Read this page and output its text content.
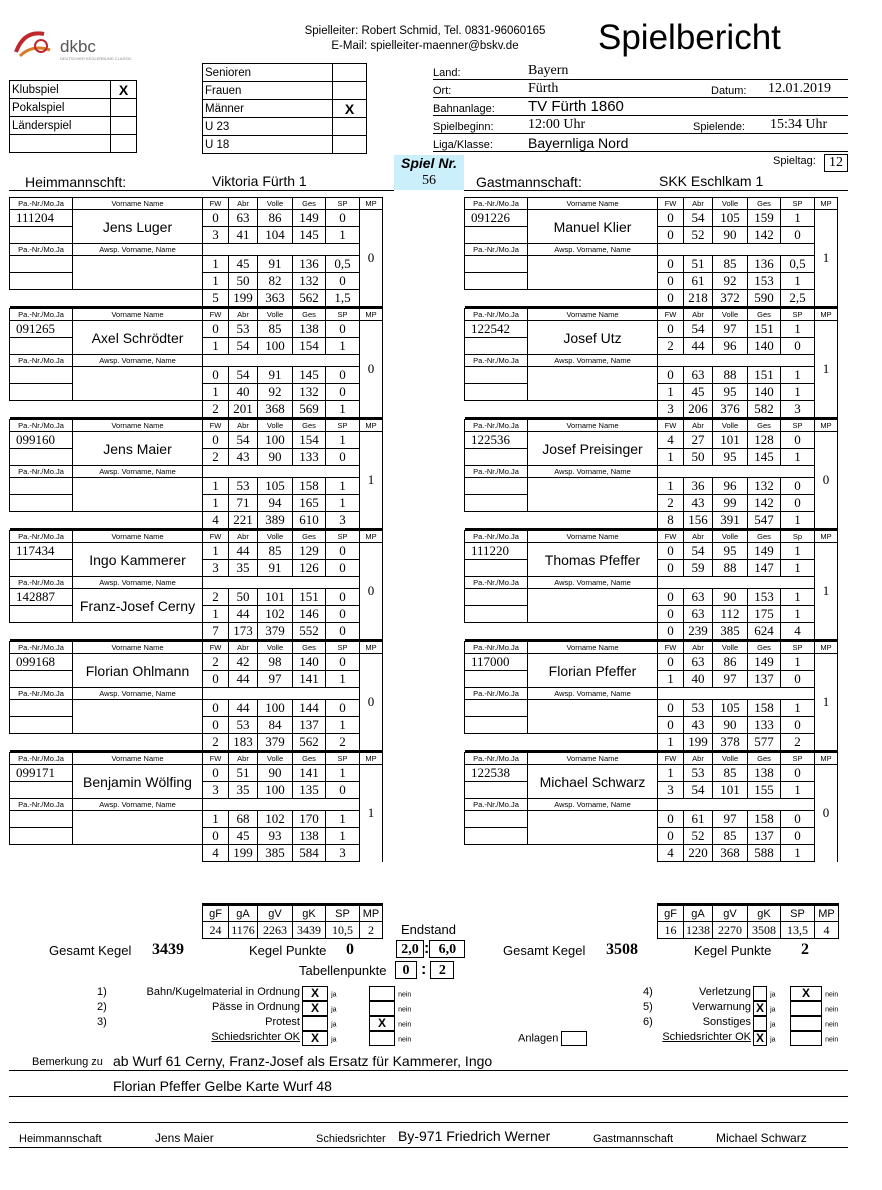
dkbc
DEUTSCHER KEGLERBUND CLASSIC
Spielleiter: Robert Schmid, Tel. 0831-96060165
E-Mail: spielleiter-maenner@bskv.de	Spielbericht
Klubspiel	X
Pokalspiel	
Länderspiel	

Senioren	
Frauen	
Männer	X
U 23	
U 18	
Land:	Bayern
Ort:	Fürth	Datum:	12.01.2019
Bahnanlage:	TV Fürth 1860
Spielbeginn:	12:00 Uhr	Spielende:	15:34 Uhr
Liga/Klasse:	Bayernliga Nord
Spiel Nr.
56
Spieltag: 12
Heimmannschft:	Viktoria Fürth 1	Gastmannschaft:	SKK Eschlkam 1
Pa.-Nr./Mo.Ja	Vorname Name	FW	Abr	Volle	Ges	SP	MP
111204	Jens Luger	0	63	86	149	0	0
		3	41	104	145	1	
Pa.-Nr./Mo.Ja	Awsp. Vorname, Name						
		1	45	91	136	0,5	
		1	50	82	132	0	
		5	199	363	562	1,5	
Pa.-Nr./Mo.Ja	Vorname Name	FW	Abr	Volle	Ges	SP	MP
091265	Axel Schrödter	0	53	85	138	0	0
		1	54	100	154	1	
Pa.-Nr./Mo.Ja	Awsp. Vorname, Name						
		0	54	91	145	0	
		1	40	92	132	0	
		2	201	368	569	1	
Pa.-Nr./Mo.Ja	Vorname Name	FW	Abr	Volle	Ges	SP	MP
099160	Jens Maier	0	54	100	154	1	1
		2	43	90	133	0	
Pa.-Nr./Mo.Ja	Awsp. Vorname, Name						
		1	53	105	158	1	
		1	71	94	165	1	
		4	221	389	610	3	
Pa.-Nr./Mo.Ja	Vorname Name	FW	Abr	Volle	Ges	SP	MP
117434	Ingo Kammerer	1	44	85	129	0	0
		3	35	91	126	0	
Pa.-Nr./Mo.Ja	Awsp. Vorname, Name						
142887	Franz-Josef Cerny	2	50	101	151	0	
		1	44	102	146	0	
		7	173	379	552	0	
Pa.-Nr./Mo.Ja	Vorname Name	FW	Abr	Volle	Ges	SP	MP
099168	Florian Ohlmann	2	42	98	140	0	0
		0	44	97	141	1	
Pa.-Nr./Mo.Ja	Awsp. Vorname, Name						
		0	44	100	144	0	
		0	53	84	137	1	
		2	183	379	562	2	
Pa.-Nr./Mo.Ja	Vorname Name	FW	Abr	Volle	Ges	SP	MP
099171	Benjamin Wölfing	0	51	90	141	1	1
		3	35	100	135	0	
Pa.-Nr./Mo.Ja	Awsp. Vorname, Name						
		1	68	102	170	1	
		0	45	93	138	1	
		4	199	385	584	3	
Pa.-Nr./Mo.Ja	Vorname Name	FW	Abr	Volle	Ges	SP	MP
091226	Manuel Klier	0	54	105	159	1	1
		0	52	90	142	0	
Pa.-Nr./Mo.Ja	Awsp. Vorname, Name						
		0	51	85	136	0,5	
		0	61	92	153	1	
		0	218	372	590	2,5	
Pa.-Nr./Mo.Ja	Vorname Name	FW	Abr	Volle	Ges	SP	MP
122542	Josef Utz	0	54	97	151	1	1
		2	44	96	140	0	
Pa.-Nr./Mo.Ja	Awsp. Vorname, Name						
		0	63	88	151	1	
		1	45	95	140	1	
		3	206	376	582	3	
Pa.-Nr./Mo.Ja	Vorname Name	FW	Abr	Volle	Ges	SP	MP
122536	Josef Preisinger	4	27	101	128	0	0
		1	50	95	145	1	
Pa.-Nr./Mo.Ja	Awsp. Vorname, Name						
		1	36	96	132	0	
		2	43	99	142	0	
		8	156	391	547	1	
Pa.-Nr./Mo.Ja	Vorname Name	FW	Abr	Volle	Ges	Sp	MP
111220	Thomas Pfeffer	0	54	95	149	1	1
		0	59	88	147	1	
Pa.-Nr./Mo.Ja	Awsp. Vorname, Name						
		0	63	90	153	1	
		0	63	112	175	1	
		0	239	385	624	4	
Pa.-Nr./Mo.Ja	Vorname Name	FW	Abr	Volle	Ges	SP	MP
117000	Florian Pfeffer	0	63	86	149	1	1
		1	40	97	137	0	
Pa.-Nr./Mo.Ja	Awsp. Vorname, Name						
		0	53	105	158	1	
		0	43	90	133	0	
		1	199	378	577	2	
Pa.-Nr./Mo.Ja	Vorname Name	FW	Abr	Volle	Ges	SP	MP
122538	Michael Schwarz	1	53	85	138	0	0
		3	54	101	155	1	
Pa.-Nr./Mo.Ja	Awsp. Vorname, Name						
		0	61	97	158	0	
		0	52	85	137	0	
		4	220	368	588	1	
gF	gA	gV	gK	SP	MP
24	1176	2263	3439	10,5	2
gF	gA	gV	gK	SP	MP
16	1238	2270	3508	13,5	4
Endstand
Gesamt Kegel 3439	Kegel Punkte 0	2,0 : 6,0	Gesamt Kegel 3508	Kegel Punkte 2
Tabellenpunkte	0 : 2
1)	Bahn/Kugelmaterial in Ordnung X ja	nein
2)	Pässe in Ordnung X ja	nein
3)	Protest	ja	X nein
Schiedsrichter OK X ja	nein	Anlagen
4)	Verletzung	ja	X nein
5)	Verwarnung X ja	nein
6)	Sonstiges	ja	nein
Schiedsrichter OK X ja	nein
Bemerkung zu ab Wurf 61 Cerny, Franz-Josef als Ersatz für Kammerer, Ingo
Florian Pfeffer Gelbe Karte Wurf 48
Heimmannschaft	Jens Maier	Schiedsrichter By-971 Friedrich Werner	Gastmannschaft	Michael Schwarz
